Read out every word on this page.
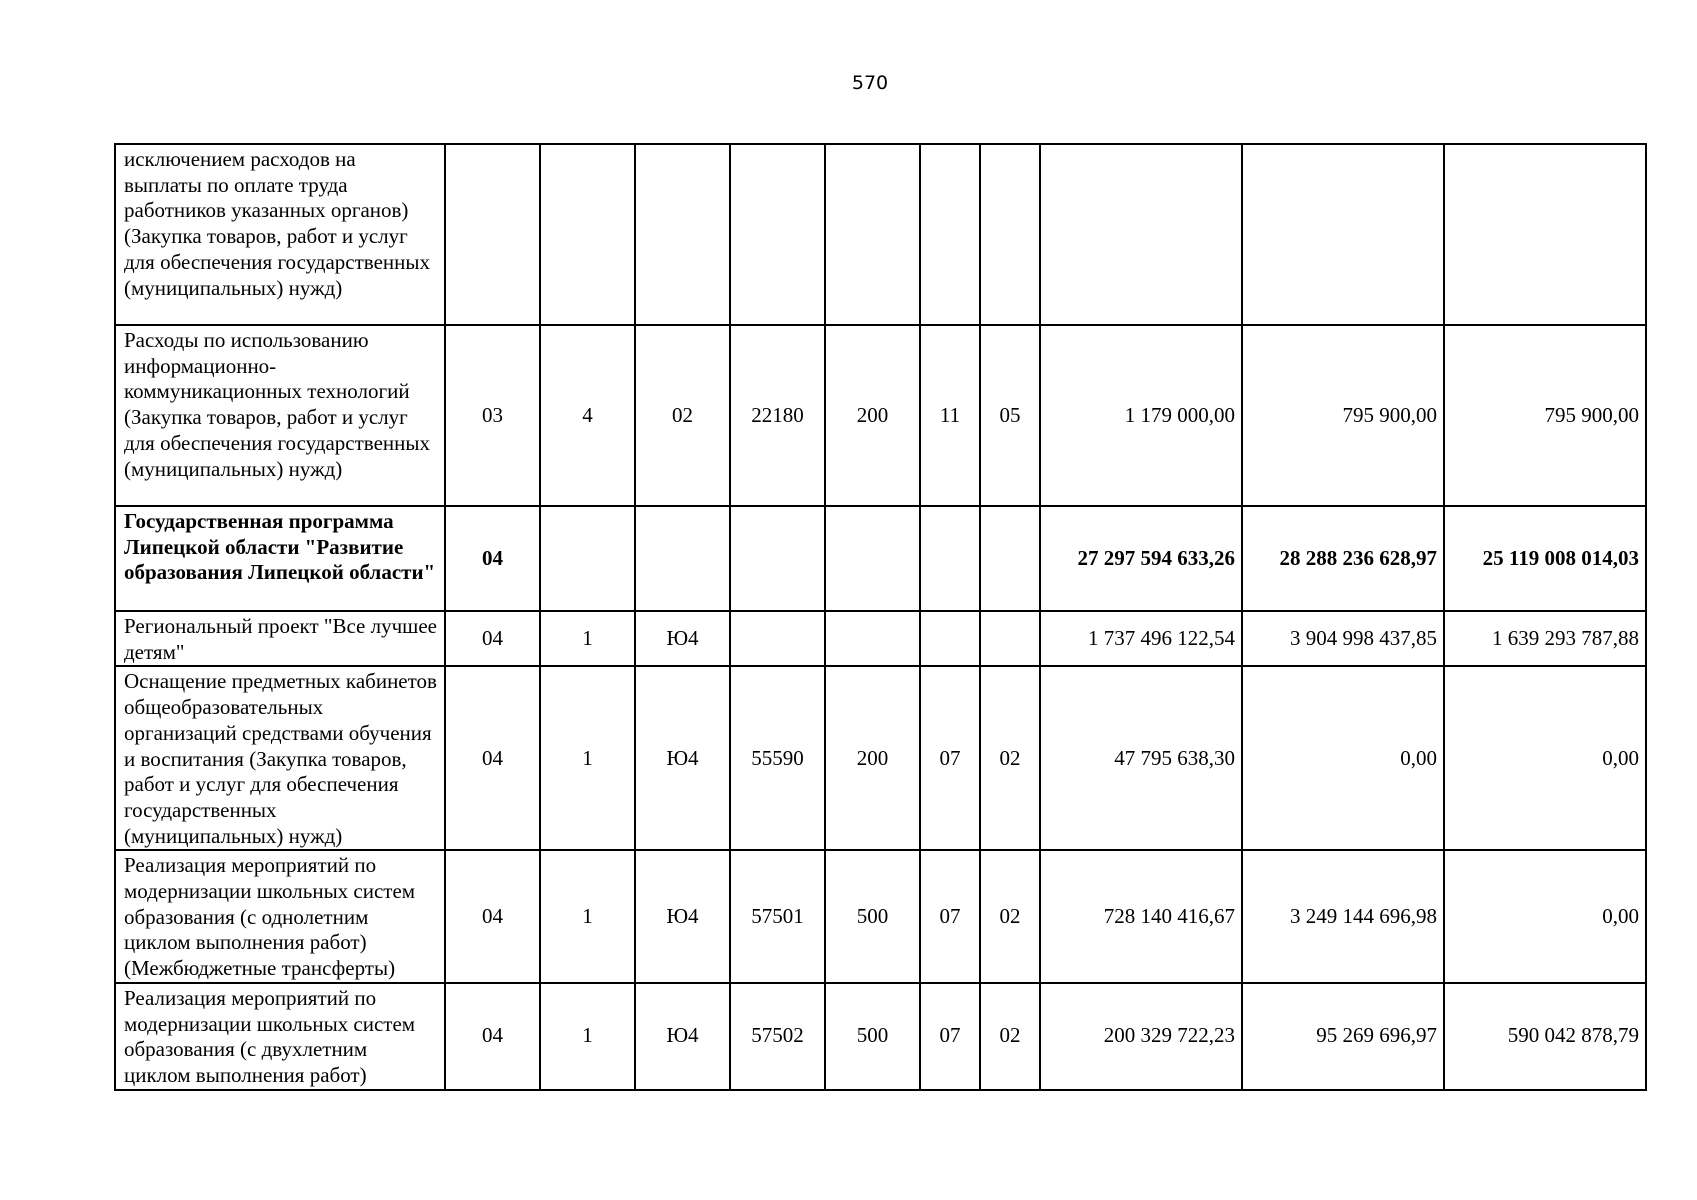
570
исключением расходов на выплаты по оплате труда работников указанных органов) (Закупка товаров, работ и услуг для обеспечения государственных (муниципальных) нужд)										
Расходы по использованию информационно-коммуникационных технологий (Закупка товаров, работ и услуг для обеспечения государственных (муниципальных) нужд)	03	4	02	22180	200	11	05	1 179 000,00	795 900,00	795 900,00
Государственная программа Липецкой области "Развитие образования Липецкой области"	04							27 297 594 633,26	28 288 236 628,97	25 119 008 014,03
Региональный проект "Все лучшее детям"	04	1	Ю4					1 737 496 122,54	3 904 998 437,85	1 639 293 787,88
Оснащение предметных кабинетов общеобразовательных организаций средствами обучения и воспитания (Закупка товаров, работ и услуг для обеспечения государственных (муниципальных) нужд)	04	1	Ю4	55590	200	07	02	47 795 638,30	0,00	0,00
Реализация мероприятий по модернизации школьных систем образования (с однолетним циклом выполнения работ) (Межбюджетные трансферты)	04	1	Ю4	57501	500	07	02	728 140 416,67	3 249 144 696,98	0,00
Реализация мероприятий по модернизации школьных систем образования (с двухлетним циклом выполнения работ)	04	1	Ю4	57502	500	07	02	200 329 722,23	95 269 696,97	590 042 878,79
